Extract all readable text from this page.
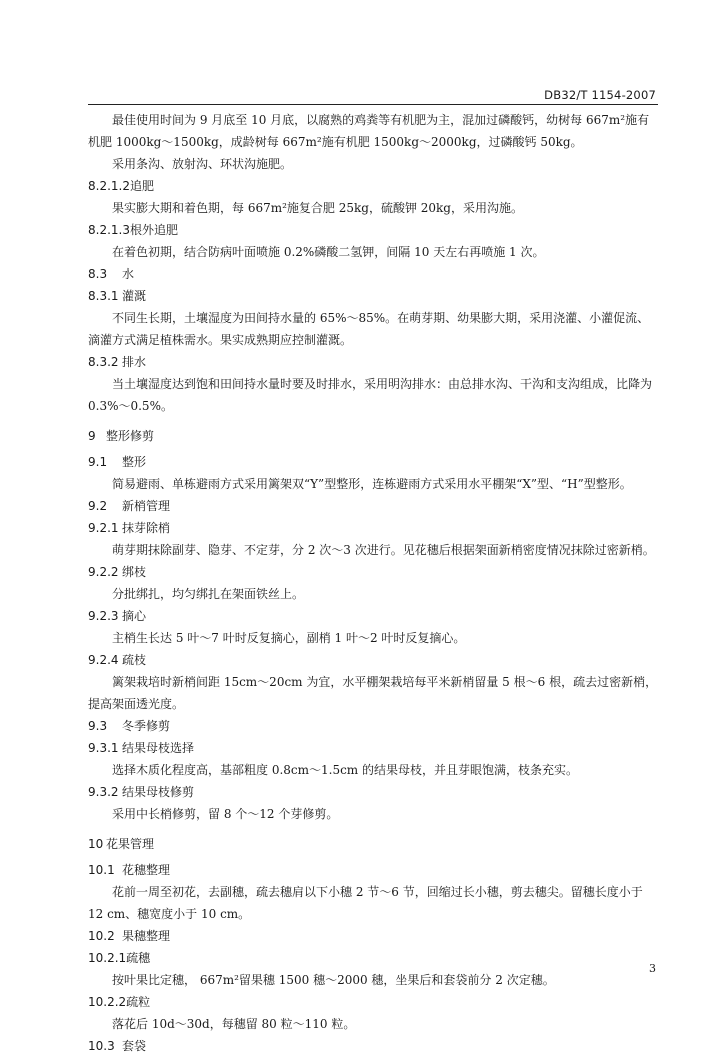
DB32/T 1154-2007
最佳使用时间为 9 月底至 10 月底，以腐熟的鸡粪等有机肥为主，混加过磷酸钙，幼树每 667m²施有机肥 1000kg～1500kg，成龄树每 667m²施有机肥 1500kg～2000kg，过磷酸钙 50kg。
采用条沟、放射沟、环状沟施肥。
8.2.1.2追肥
果实膨大期和着色期，每 667m²施复合肥 25kg，硫酸钾 20kg，采用沟施。
8.2.1.3根外追肥
在着色初期，结合防病叶面喷施 0.2%磷酸二氢钾，间隔 10 天左右再喷施 1 次。
8.3 水
8.3.1 灌溉
不同生长期，土壤湿度为田间持水量的 65%～85%。在萌芽期、幼果膨大期，采用浇灌、小灌促流、滴灌方式满足植株需水。果实成熟期应控制灌溉。
8.3.2 排水
当土壤湿度达到饱和田间持水量时要及时排水，采用明沟排水：由总排水沟、干沟和支沟组成，比降为 0.3%～0.5%。
9 整形修剪
9.1 整形
简易避雨、单栋避雨方式采用篱架双“Y”型整形，连栋避雨方式采用水平棚架“X”型、“H”型整形。
9.2 新梢管理
9.2.1 抹芽除梢
萌芽期抹除副芽、隐芽、不定芽，分 2 次～3 次进行。见花穗后根据架面新梢密度情况抹除过密新梢。
9.2.2 绑枝
分批绑扎，均匀绑扎在架面铁丝上。
9.2.3 摘心
主梢生长达 5 叶～7 叶时反复摘心，副梢 1 叶～2 叶时反复摘心。
9.2.4 疏枝
篱架栽培时新梢间距 15cm～20cm 为宜，水平棚架栽培每平米新梢留量 5 根～6 根，疏去过密新梢，提高架面透光度。
9.3 冬季修剪
9.3.1 结果母枝选择
选择木质化程度高，基部粗度 0.8cm～1.5cm 的结果母枝，并且芽眼饱满，枝条充实。
9.3.2 结果母枝修剪
采用中长梢修剪，留 8 个～12 个芽修剪。
10 花果管理
10.1 花穗整理
花前一周至初花，去副穗，疏去穗肩以下小穗 2 节～6 节，回缩过长小穗，剪去穗尖。留穗长度小于 12 cm、穗宽度小于 10 cm。
10.2 果穗整理
10.2.1疏穗
按叶果比定穗， 667m²留果穗 1500 穗～2000 穗，坐果后和套袋前分 2 次定穗。
10.2.2疏粒
落花后 10d～30d，每穗留 80 粒～110 粒。
10.3 套袋
3
